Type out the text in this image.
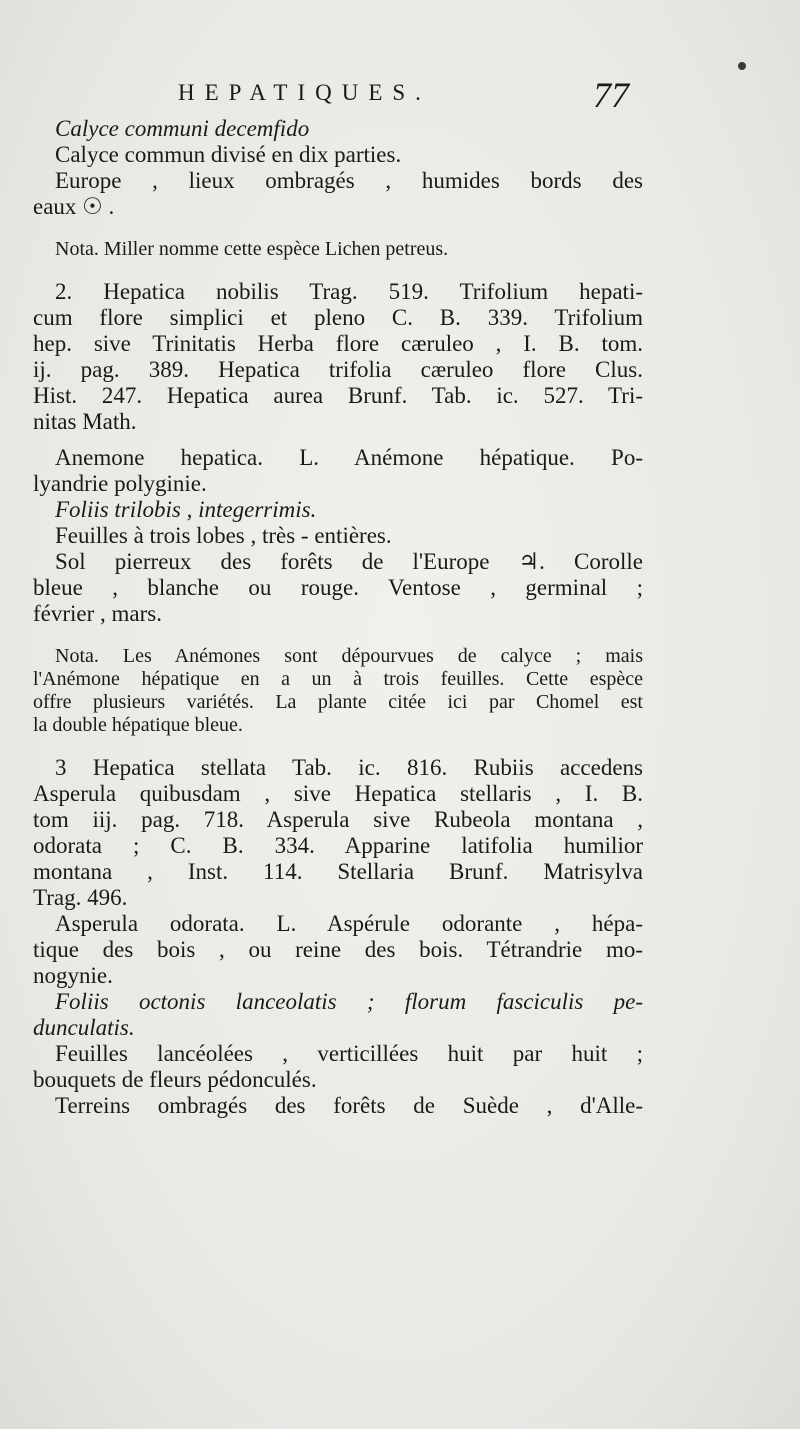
HEPATIQUES.	77

Calyce communi decemfido

Calyce commun divisé en dix parties.

Europe , lieux ombragés , humides bords des
eaux ☉ .

Nota. Miller nomme cette espèce Lichen petreus.

2. Hepatica nobilis Trag. 519. Trifolium hepati-
cum flore simplici et pleno C. B. 339. Trifolium
hep. sive Trinitatis Herba flore cæruleo , I. B. tom.
ij. pag. 389. Hepatica trifolia cæruleo flore Clus.
Hist. 247. Hepatica aurea Brunf. Tab. ic. 527. Tri-
nitas Math.

Anemone hepatica. L. Anémone hépatique. Po-
lyandrie polyginie.

Foliis trilobis , integerrimis.

Feuilles à trois lobes , très - entières.
Sol pierreux des forêts de l'Europe ♃. Corolle
bleue , blanche ou rouge. Ventose , germinal ;
février , mars.

Nota. Les Anémones sont dépourvues de calyce ; mais
l'Anémone hépatique en a un à trois feuilles. Cette espèce
offre plusieurs variétés. La plante citée ici par Chomel est
la double hépatique bleue.

3 Hepatica stellata Tab. ic. 816. Rubiis accedens
Asperula quibusdam , sive Hepatica stellaris , I. B.
tom iij. pag. 718. Asperula sive Rubeola montana ,
odorata ; C. B. 334. Apparine latifolia humilior
montana , Inst. 114. Stellaria Brunf. Matrisylva
Trag. 496.

Asperula odorata. L. Aspérule odorante , hépa-
tique des bois , ou reine des bois. Tétrandrie mo-
nogynie.

Foliis octonis lanceolatis ; florum fasciculis pe-
dunculatis.

Feuilles lancéolées , verticillées huit par huit ;
bouquets de fleurs pédonculés.
Terreins ombragés des forêts de Suède , d'Alle-
